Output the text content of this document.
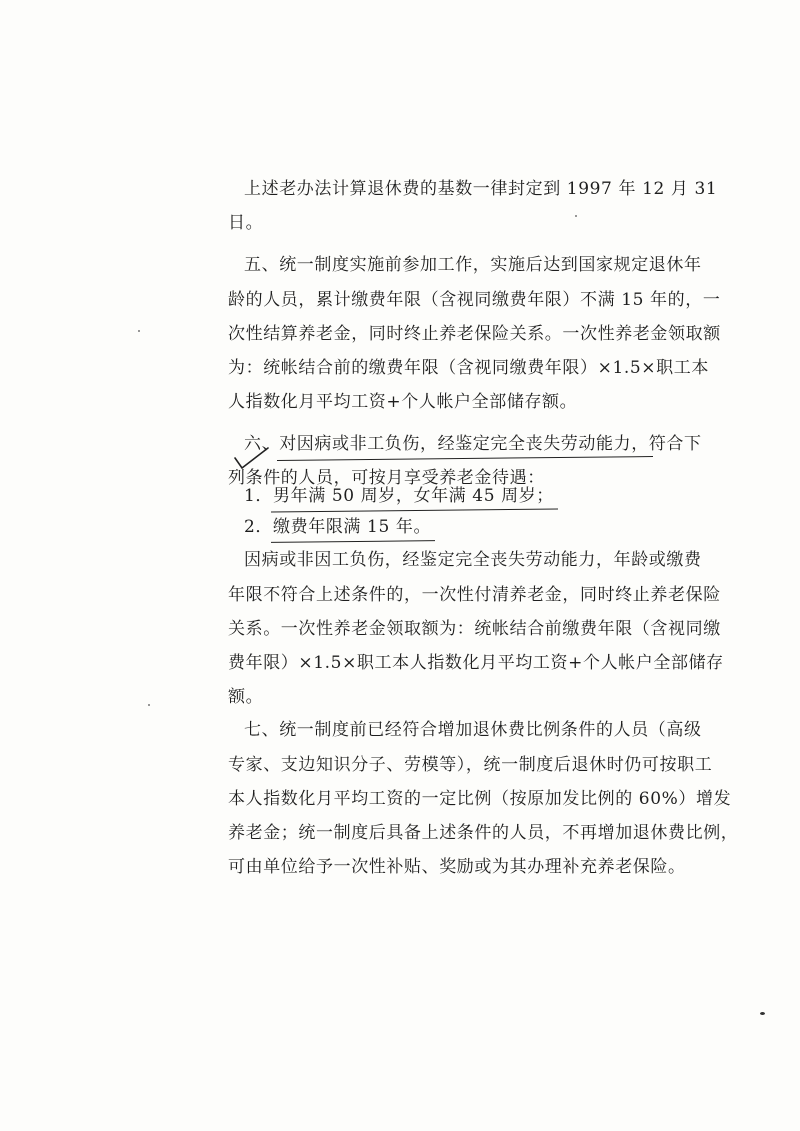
上述老办法计算退休费的基数一律封定到 1997 年 12 月 31
日。
五、统一制度实施前参加工作，实施后达到国家规定退休年
龄的人员，累计缴费年限（含视同缴费年限）不满 15 年的，一
次性结算养老金，同时终止养老保险关系。一次性养老金领取额
为：统帐结合前的缴费年限（含视同缴费年限）×1.5×职工本
人指数化月平均工资+个人帐户全部储存额。
六、对因病或非工负伤，经鉴定完全丧失劳动能力，符合下
列条件的人员，可按月享受养老金待遇：
1．男年满 50 周岁，女年满 45 周岁；
2．缴费年限满 15 年。
因病或非因工负伤，经鉴定完全丧失劳动能力，年龄或缴费
年限不符合上述条件的，一次性付清养老金，同时终止养老保险
关系。一次性养老金领取额为：统帐结合前缴费年限（含视同缴
费年限）×1.5×职工本人指数化月平均工资+个人帐户全部储存
额。
七、统一制度前已经符合增加退休费比例条件的人员（高级
专家、支边知识分子、劳模等），统一制度后退休时仍可按职工
本人指数化月平均工资的一定比例（按原加发比例的 60%）增发
养老金；统一制度后具备上述条件的人员，不再增加退休费比例，
可由单位给予一次性补贴、奖励或为其办理补充养老保险。
